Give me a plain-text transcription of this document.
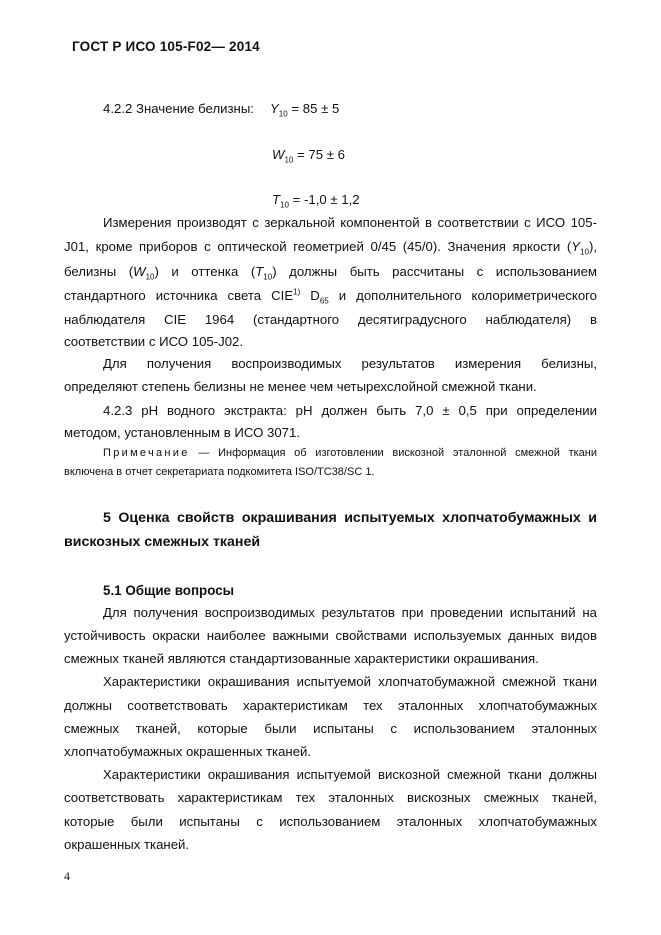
ГОСТ Р ИСО 105-F02— 2014
4.2.2 Значение белизны: $Y_{10} = 85 \pm 5$
$W_{10} = 75 \pm 6$
$T_{10} = -1,0 \pm 1,2$
Измерения производят с зеркальной компонентой в соответствии с ИСО 105-
J01, кроме приборов с оптической геометрией 0/45 (45/0). Значения яркости $(Y_{10})$,
белизны $(W_{10})$ и оттенка $(T_{10})$ должны быть рассчитаны с использованием
стандартного источника света CIE$^{1)}$ $D_{65}$ и дополнительного колориметрического
наблюдателя CIE 1964 (стандартного десятиградусного наблюдателя) в
соответствии с ИСО 105-J02.
Для получения воспроизводимых результатов измерения белизны,
определяют степень белизны не менее чем четырехслойной смежной ткани.
4.2.3 pH водного экстракта: pH должен быть 7,0 ± 0,5 при определении
методом, установленным в ИСО 3071.
Примечание — Информация об изготовлении вискозной эталонной смежной ткани
включена в отчет секретариата подкомитета ISO/TC38/SC 1.
5 Оценка свойств окрашивания испытуемых хлопчатобумажных и
вискозных смежных тканей
5.1 Общие вопросы
Для получения воспроизводимых результатов при проведении испытаний на
устойчивость окраски наиболее важными свойствами используемых данных видов
смежных тканей являются стандартизованные характеристики окрашивания.
Характеристики окрашивания испытуемой хлопчатобумажной смежной ткани
должны соответствовать характеристикам тех эталонных хлопчатобумажных
смежных тканей, которые были испытаны с использованием эталонных
хлопчатобумажных окрашенных тканей.
Характеристики окрашивания испытуемой вискозной смежной ткани должны
соответствовать характеристикам тех эталонных вискозных смежных тканей,
которые были испытаны с использованием эталонных хлопчатобумажных
окрашенных тканей.
4
